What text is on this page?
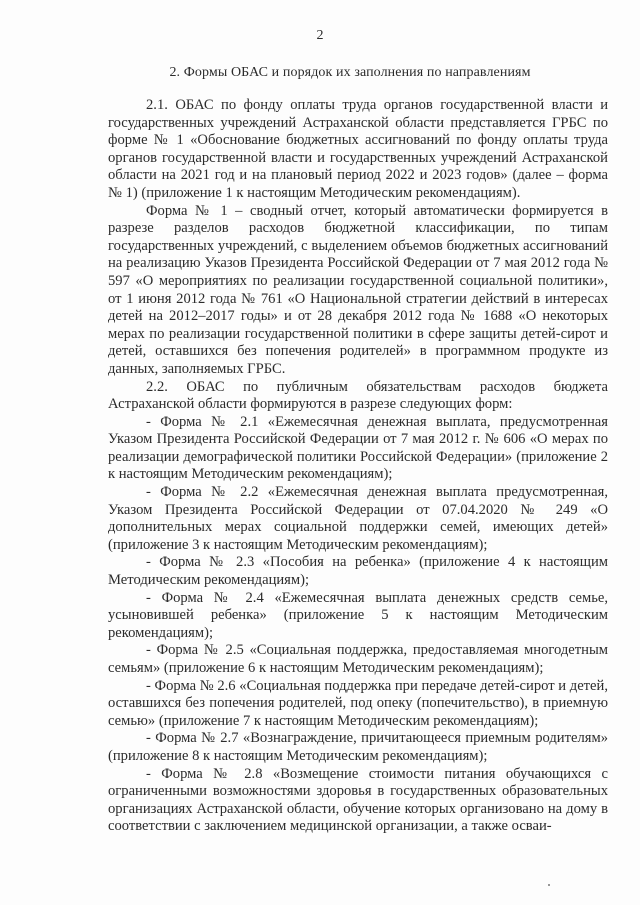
2
2. Формы ОБАС и порядок их заполнения по направлениям

2.1. ОБАС по фонду оплаты труда органов государственной власти и государственных учреждений Астраханской области представляется ГРБС по форме № 1 «Обоснование бюджетных ассигнований по фонду оплаты труда органов государственной власти и государственных учреждений Астраханской области на 2021 год и на плановый период 2022 и 2023 годов» (далее – форма № 1) (приложение 1 к настоящим Методическим рекомендациям).

Форма № 1 – сводный отчет, который автоматически формируется в разрезе разделов расходов бюджетной классификации, по типам государственных учреждений, с выделением объемов бюджетных ассигнований на реализацию Указов Президента Российской Федерации от 7 мая 2012 года № 597 «О мероприятиях по реализации государственной социальной политики», от 1 июня 2012 года № 761 «О Национальной стратегии действий в интересах детей на 2012–2017 годы» и от 28 декабря 2012 года № 1688 «О некоторых мерах по реализации государственной политики в сфере защиты детей-сирот и детей, оставшихся без попечения родителей» в программном продукте из данных, заполняемых ГРБС.

2.2. ОБАС по публичным обязательствам расходов бюджета Астраханской области формируются в разрезе следующих форм:

- Форма № 2.1 «Ежемесячная денежная выплата, предусмотренная Указом Президента Российской Федерации от 7 мая 2012 г. № 606 «О мерах по реализации демографической политики Российской Федерации» (приложение 2 к настоящим Методическим рекомендациям);

- Форма № 2.2 «Ежемесячная денежная выплата предусмотренная, Указом Президента Российской Федерации от 07.04.2020 № 249 «О дополнительных мерах социальной поддержки семей, имеющих детей» (приложение 3 к настоящим Методическим рекомендациям);

- Форма № 2.3 «Пособия на ребенка» (приложение 4 к настоящим Методическим рекомендациям);

- Форма № 2.4 «Ежемесячная выплата денежных средств семье, усыновившей ребенка» (приложение 5 к настоящим Методическим рекомендациям);

- Форма № 2.5 «Социальная поддержка, предоставляемая многодетным семьям» (приложение 6 к настоящим Методическим рекомендациям);

- Форма № 2.6 «Социальная поддержка при передаче детей-сирот и детей, оставшихся без попечения родителей, под опеку (попечительство), в приемную семью» (приложение 7 к настоящим Методическим рекомендациям);

- Форма № 2.7 «Вознаграждение, причитающееся приемным родителям» (приложение 8 к настоящим Методическим рекомендациям);

- Форма № 2.8 «Возмещение стоимости питания обучающихся с ограниченными возможностями здоровья в государственных образовательных организациях Астраханской области, обучение которых организовано на дому в соответствии с заключением медицинской организации, а также осваи-
